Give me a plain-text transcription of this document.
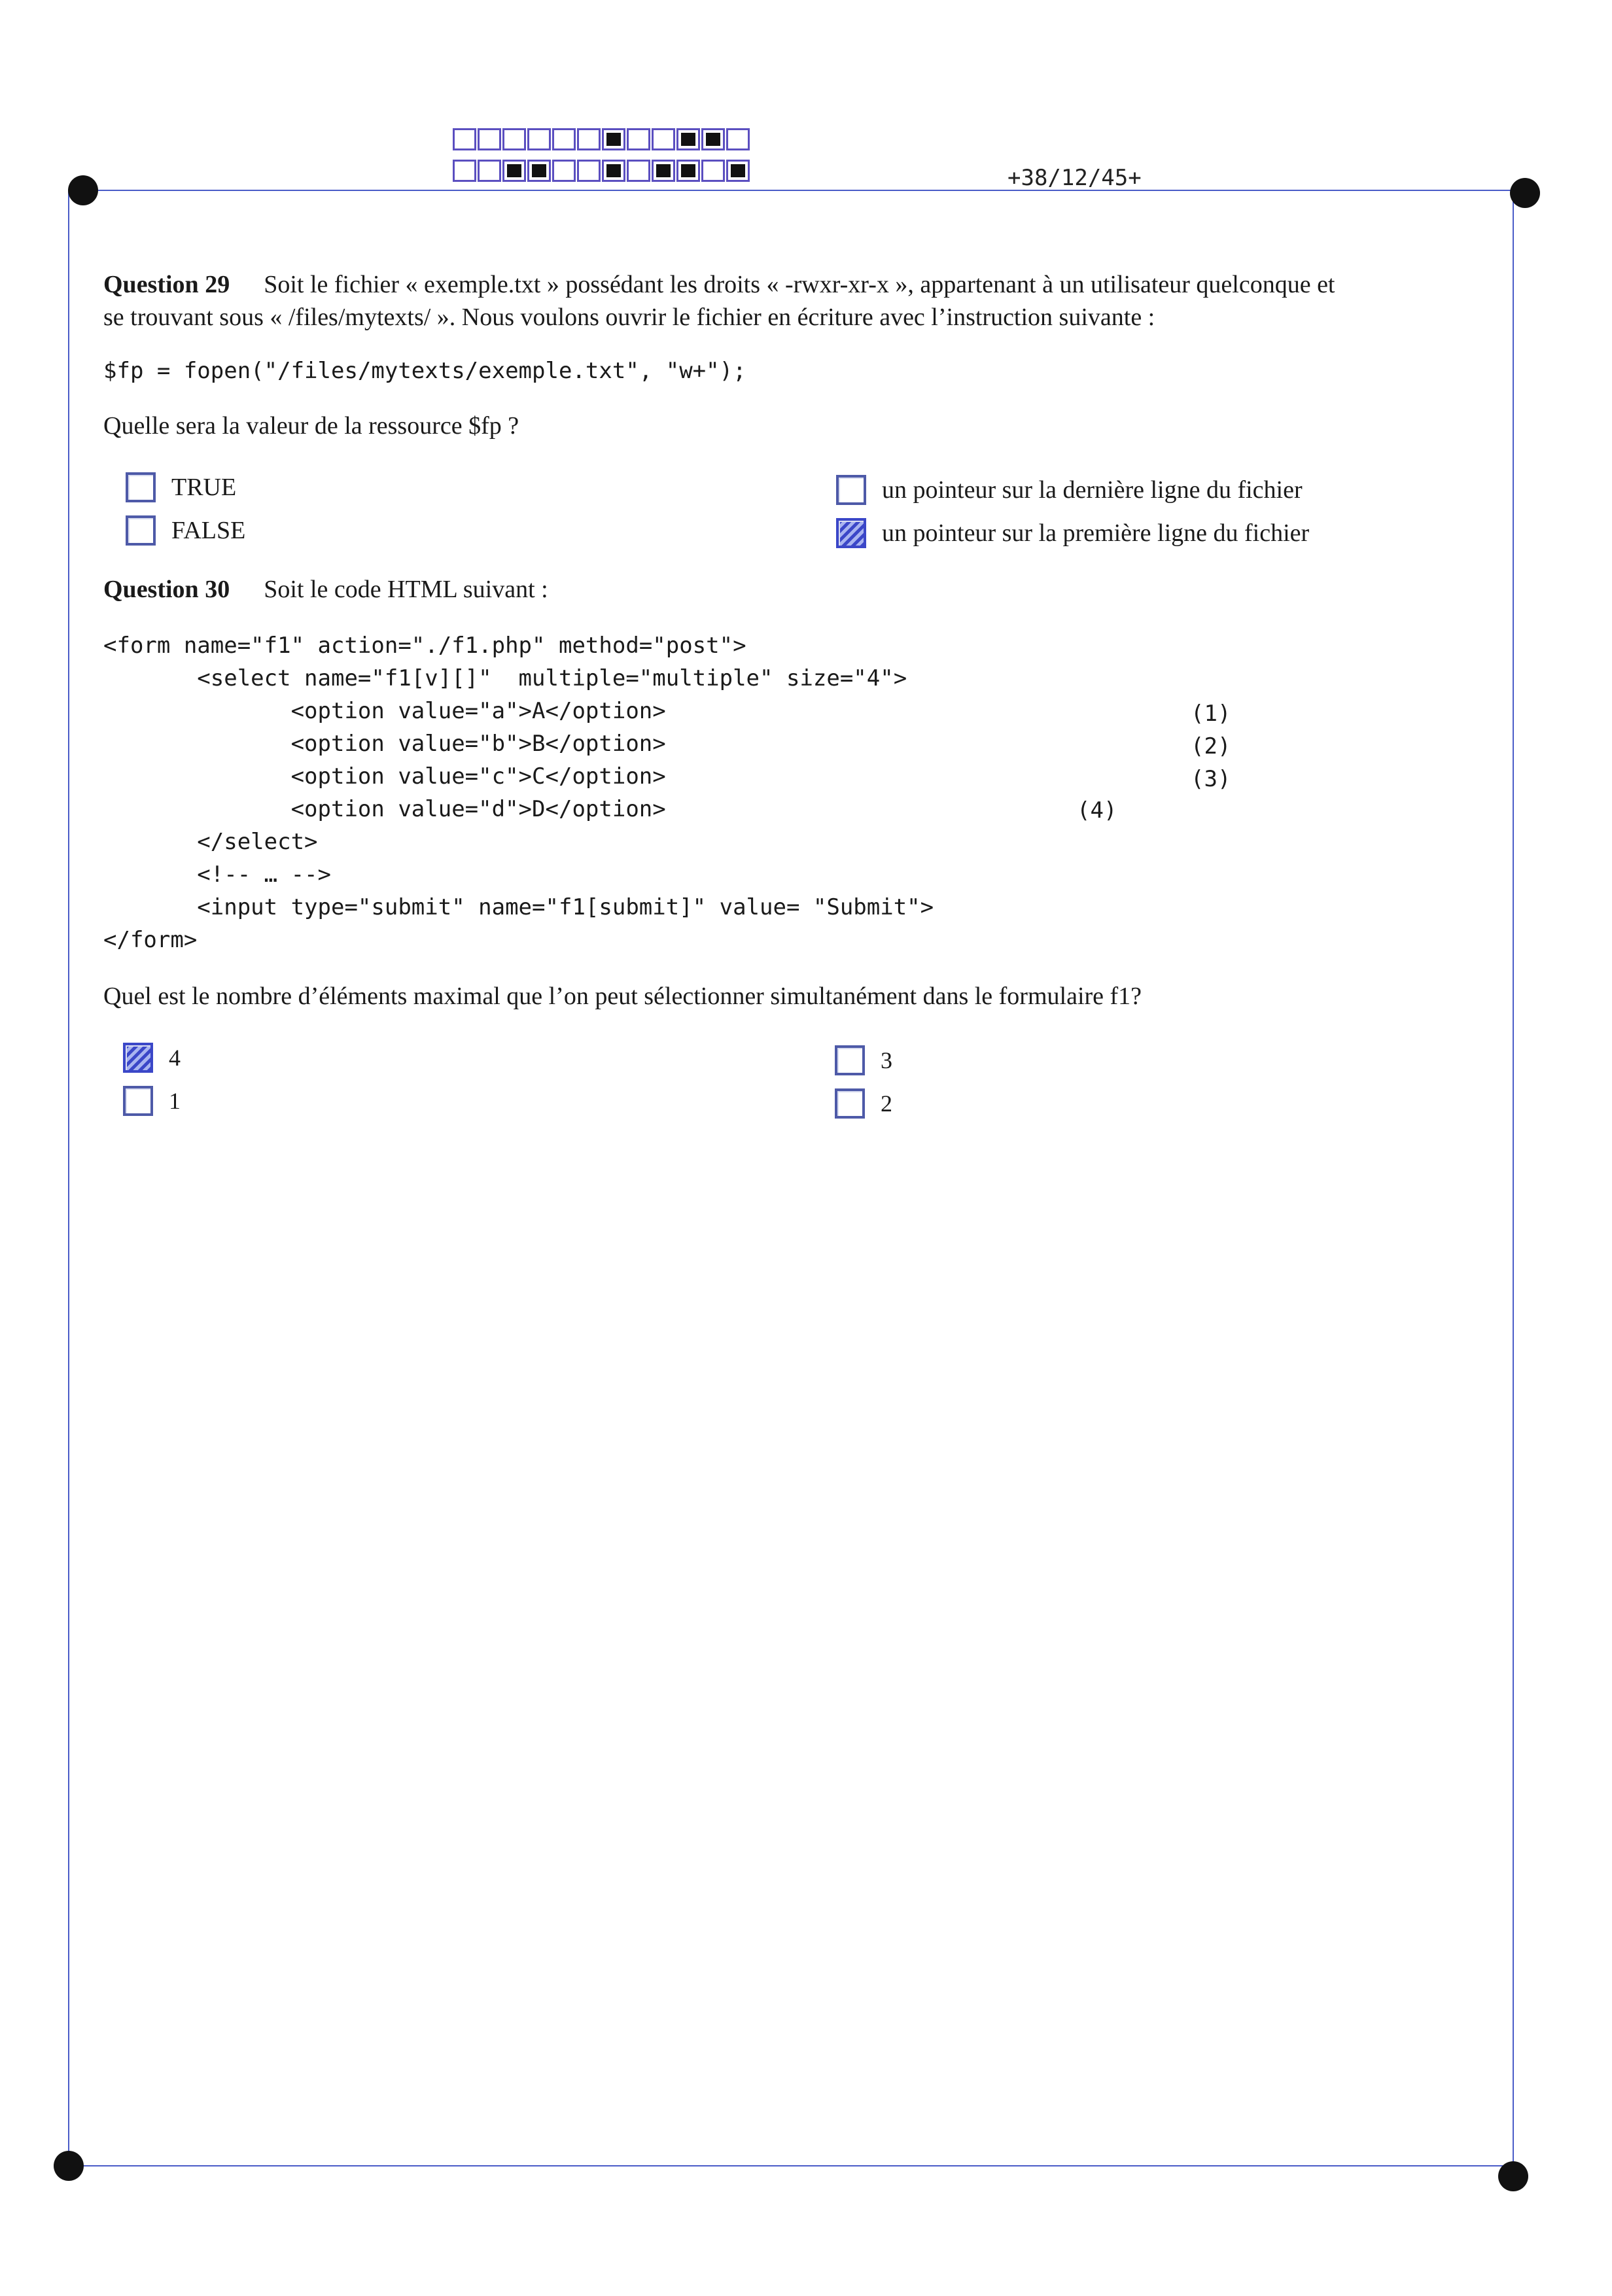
+38/12/45+
Question 29 Soit le fichier « exemple.txt » possédant les droits « -rwxr-xr-x », appartenant à un utilisateur quelconque et
se trouvant sous « /files/mytexts/ ». Nous voulons ouvrir le fichier en écriture avec l’instruction suivante :
$fp = fopen("/files/mytexts/exemple.txt", "w+");
Quelle sera la valeur de la ressource $fp ?
TRUE
FALSE
un pointeur sur la dernière ligne du fichier
un pointeur sur la première ligne du fichier
Question 30 Soit le code HTML suivant :
<form name="f1" action="./f1.php" method="post">
<select name="f1[v][]"  multiple="multiple" size="4">
<option value="a">A</option>
<option value="b">B</option>
<option value="c">C</option>
<option value="d">D</option>
</select>
<!-- … -->
<input type="submit" name="f1[submit]" value= "Submit">
</form>
(1)
(2)
(3)
(4)
Quel est le nombre d’éléments maximal que l’on peut sélectionner simultanément dans le formulaire f1?
4
1
3
2
